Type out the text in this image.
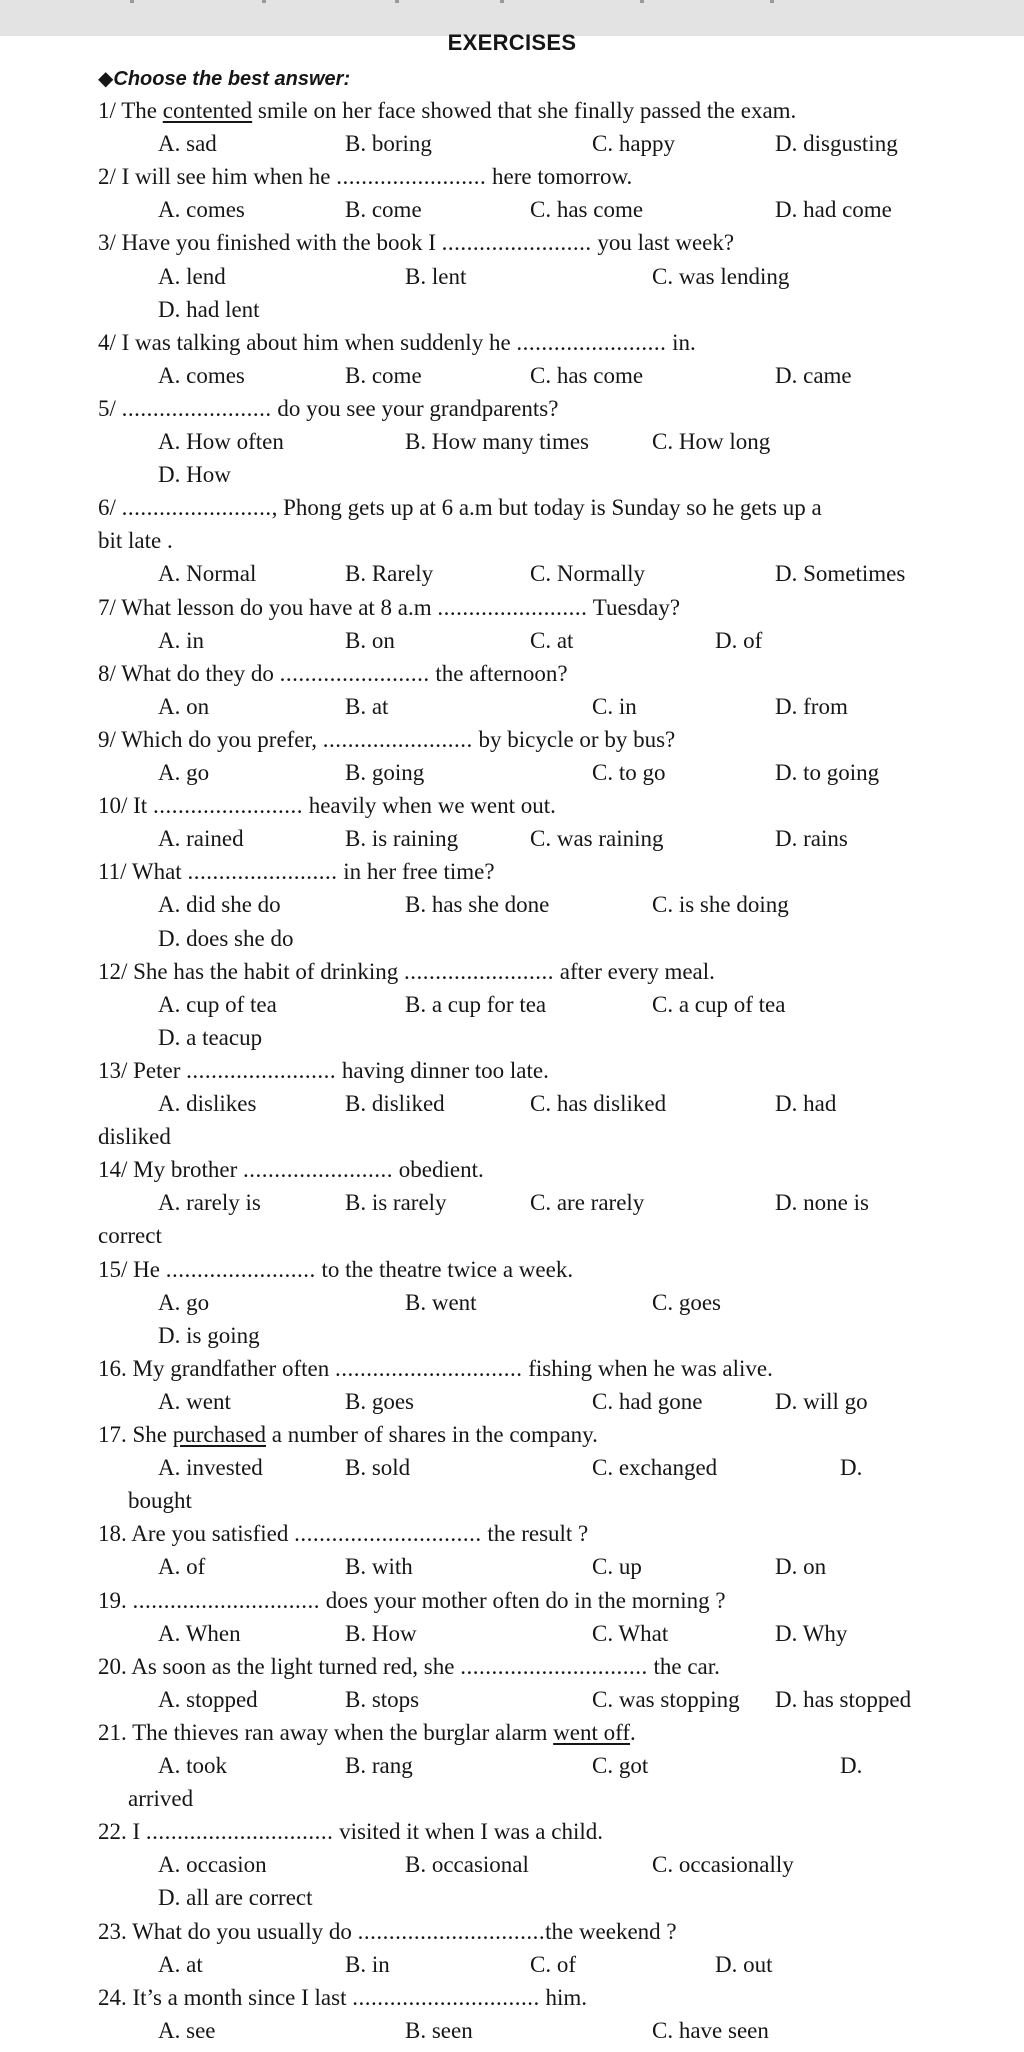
EXERCISES
◆Choose the best answer:
1/ The contented smile on her face showed that she finally passed the exam.
A. sad	B. boring	C. happy	D. disgusting
2/ I will see him when he ........................ here tomorrow.
A. comes	B. come	C. has come	D. had come
3/ Have you finished with the book I ........................ you last week?
A. lend	B. lent	C. was lending
D. had lent
4/ I was talking about him when suddenly he ........................ in.
A. comes	B. come	C. has come	D. came
5/ ........................ do you see your grandparents?
A. How often	B. How many times	C. How long
D. How
6/ ........................, Phong gets up at 6 a.m but today is Sunday so he gets up a
bit late .
A. Normal	B. Rarely	C. Normally	D. Sometimes
7/ What lesson do you have at 8 a.m ........................ Tuesday?
A. in	B. on	C. at	D. of
8/ What do they do ........................ the afternoon?
A. on	B. at	C. in	D. from
9/ Which do you prefer, ........................ by bicycle or by bus?
A. go	B. going	C. to go	D. to going
10/ It ........................ heavily when we went out.
A. rained	B. is raining	C. was raining	D. rains
11/ What ........................ in her free time?
A. did she do	B. has she done	C. is she doing
D. does she do
12/ She has the habit of drinking ........................ after every meal.
A. cup of tea	B. a cup for tea	C. a cup of tea
D. a teacup
13/ Peter ........................ having dinner too late.
A. dislikes	B. disliked	C. has disliked	D. had
disliked
14/ My brother ........................ obedient.
A. rarely is	B. is rarely	C. are rarely	D. none is
correct
15/ He ........................ to the theatre twice a week.
A. go	B. went	C. goes
D. is going
16. My grandfather often .............................. fishing when he was alive.
A. went	B. goes	C. had gone	D. will go
17. She purchased a number of shares in the company.
A. invested	B. sold	C. exchanged	D.
bought
18. Are you satisfied .............................. the result ?
A. of	B. with	C. up	D. on
19. .............................. does your mother often do in the morning ?
A. When	B. How	C. What	D. Why
20. As soon as the light turned red, she .............................. the car.
A. stopped	B. stops	C. was stopping D. has stopped
21. The thieves ran away when the burglar alarm went off.
A. took	B. rang	C. got	D.
arrived
22. I .............................. visited it when I was a child.
A. occasion	B. occasional	C. occasionally
D. all are correct
23. What do you usually do ..............................the weekend ?
A. at	B. in	C. of	D. out
24. It’s a month since I last .............................. him.
A. see	B. seen	C. have seen
